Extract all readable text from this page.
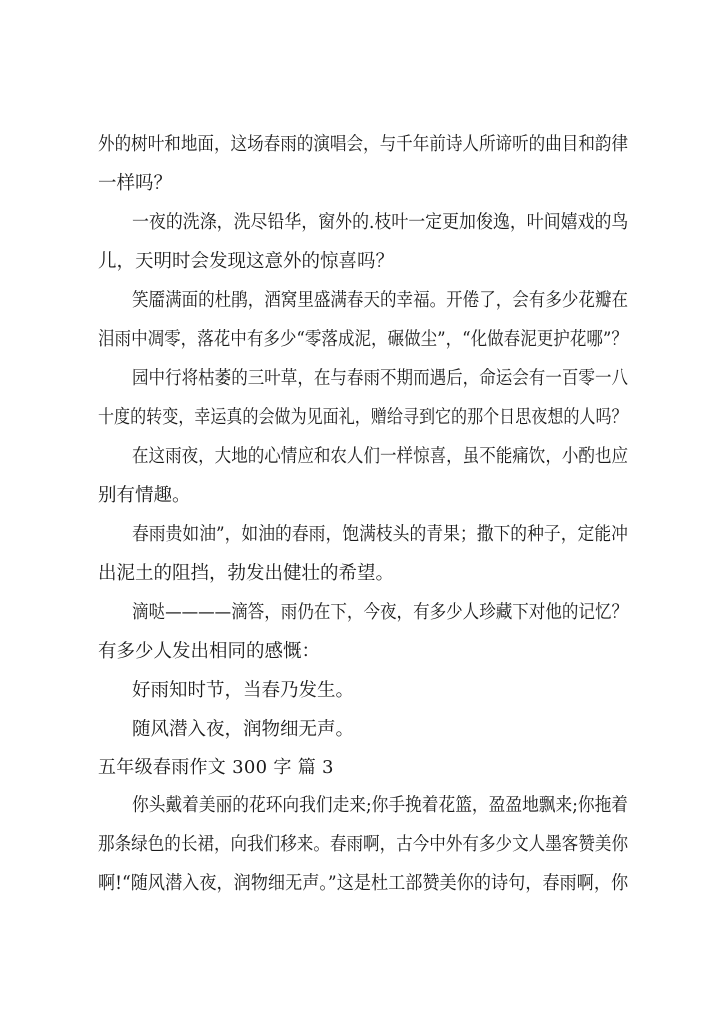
外的树叶和地面，这场春雨的演唱会，与千年前诗人所谛听的曲目和韵律
一样吗？
一夜的洗涤，洗尽铅华，窗外的.枝叶一定更加俊逸，叶间嬉戏的鸟
儿，天明时会发现这意外的惊喜吗？
笑靥满面的杜鹃，酒窝里盛满春天的幸福。开倦了，会有多少花瓣在
泪雨中凋零，落花中有多少“零落成泥，碾做尘”，“化做春泥更护花哪”？
园中行将枯萎的三叶草，在与春雨不期而遇后，命运会有一百零一八
十度的转变，幸运真的会做为见面礼，赠给寻到它的那个日思夜想的人吗？
在这雨夜，大地的心情应和农人们一样惊喜，虽不能痛饮，小酌也应
别有情趣。
春雨贵如油”，如油的春雨，饱满枝头的青果；撒下的种子，定能冲
出泥土的阻挡，勃发出健壮的希望。
滴哒————滴答，雨仍在下，今夜，有多少人珍藏下对他的记忆？
有多少人发出相同的感慨：
好雨知时节，当春乃发生。
随风潜入夜，润物细无声。
五年级春雨作文 300 字 篇 3
你头戴着美丽的花环向我们走来;你手挽着花篮，盈盈地飘来;你拖着
那条绿色的长裙，向我们移来。春雨啊，古今中外有多少文人墨客赞美你
啊!“随风潜入夜，润物细无声。”这是杜工部赞美你的诗句，春雨啊，你
